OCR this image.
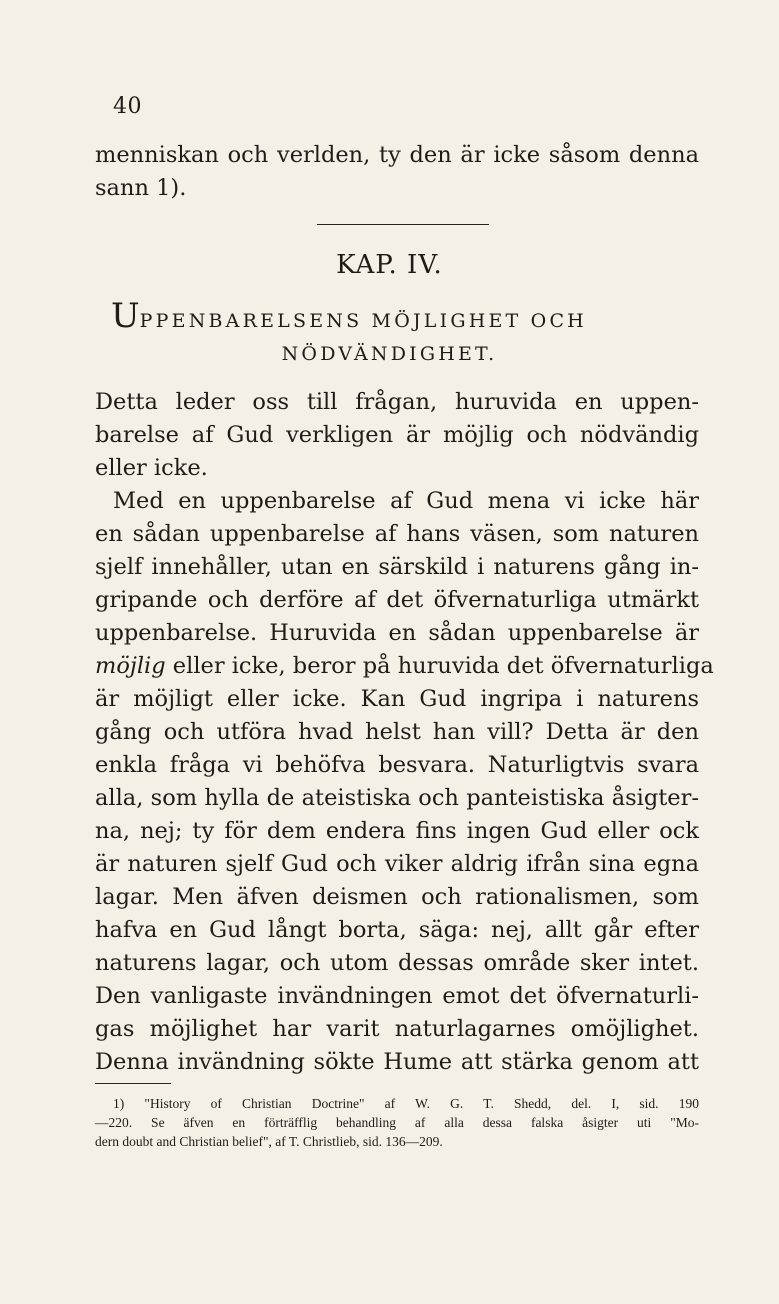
40
menniskan och verlden, ty den är icke såsom denna
sann 1).
KAP. IV.
UPPENBARELSENS MÖJLIGHET OCH
NÖDVÄNDIGHET.
Detta leder oss till frågan, huruvida en uppen-
barelse af Gud verkligen är möjlig och nödvändig
eller icke.
Med en uppenbarelse af Gud mena vi icke här
en sådan uppenbarelse af hans väsen, som naturen
sjelf innehåller, utan en särskild i naturens gång in-
gripande och derföre af det öfvernaturliga utmärkt
uppenbarelse. Huruvida en sådan uppenbarelse är
möjlig eller icke, beror på huruvida det öfvernaturliga
är möjligt eller icke. Kan Gud ingripa i naturens
gång och utföra hvad helst han vill? Detta är den
enkla fråga vi behöfva besvara. Naturligtvis svara
alla, som hylla de ateistiska och panteistiska åsigter-
na, nej; ty för dem endera fins ingen Gud eller ock
är naturen sjelf Gud och viker aldrig ifrån sina egna
lagar. Men äfven deismen och rationalismen, som
hafva en Gud långt borta, säga: nej, allt går efter
naturens lagar, och utom dessas område sker intet.
Den vanligaste invändningen emot det öfvernaturli-
gas möjlighet har varit naturlagarnes omöjlighet.
Denna invändning sökte Hume att stärka genom att
1) "History of Christian Doctrine" af W. G. T. Shedd, del. I, sid. 190
—220. Se äfven en förträfflig behandling af alla dessa falska åsigter uti "Mo-
dern doubt and Christian belief", af T. Christlieb, sid. 136—209.
